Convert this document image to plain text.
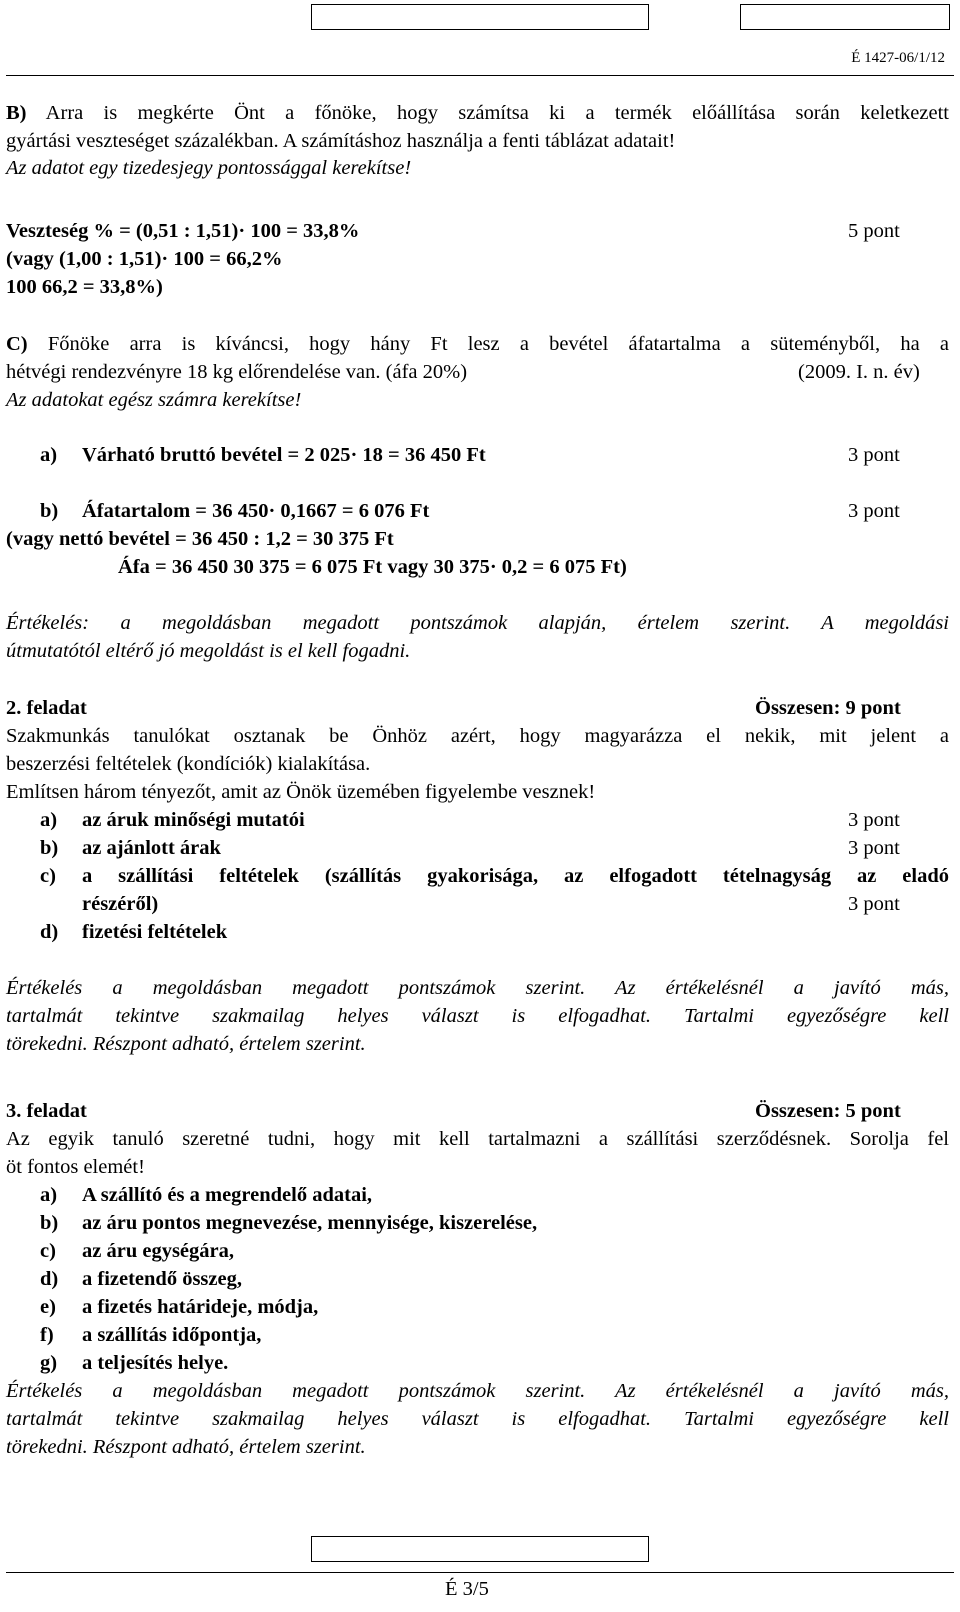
É 1427-06/1/12
B) Arra is megkérte Önt a főnöke, hogy számítsa ki a termék előállítása során keletkezett
gyártási veszteséget százalékban. A számításhoz használja a fenti táblázat adatait!
Az adatot egy tizedesjegy pontossággal kerekítse!
Veszteség % = (0,51 : 1,51)· 100 = 33,8%	5 pont
(vagy (1,00 : 1,51)· 100 = 66,2%
100 66,2 = 33,8%)
C) Főnöke arra is kíváncsi, hogy hány Ft lesz a bevétel áfatartalma a süteményből, ha a
hétvégi rendezvényre 18 kg előrendelése van. (áfa 20%)	(2009. I. n. év)
Az adatokat egész számra kerekítse!
a) Várható bruttó bevétel = 2 025· 18 = 36 450 Ft	3 pont
b) Áfatartalom = 36 450· 0,1667 = 6 076 Ft	3 pont
(vagy nettó bevétel = 36 450 : 1,2 = 30 375 Ft
Áfa = 36 450 30 375 = 6 075 Ft vagy 30 375· 0,2 = 6 075 Ft)
Értékelés: a megoldásban megadott pontszámok alapján, értelem szerint. A megoldási
útmutatótól eltérő jó megoldást is el kell fogadni.
2. feladat	Összesen: 9 pont
Szakmunkás tanulókat osztanak be Önhöz azért, hogy magyarázza el nekik, mit jelent a
beszerzési feltételek (kondíciók) kialakítása.
Említsen három tényezőt, amit az Önök üzemében figyelembe vesznek!
a) az áruk minőségi mutatói	3 pont
b) az ajánlott árak	3 pont
c) a szállítási feltételek (szállítás gyakorisága, az elfogadott tételnagyság az eladó
részéről)	3 pont
d) fizetési feltételek
Értékelés a megoldásban megadott pontszámok szerint. Az értékelésnél a javító más,
tartalmát tekintve szakmailag helyes választ is elfogadhat. Tartalmi egyezőségre kell
törekedni. Részpont adható, értelem szerint.
3. feladat	Összesen: 5 pont
Az egyik tanuló szeretné tudni, hogy mit kell tartalmazni a szállítási szerződésnek. Sorolja fel
öt fontos elemét!
a) A szállító és a megrendelő adatai,
b) az áru pontos megnevezése, mennyisége, kiszerelése,
c) az áru egységára,
d) a fizetendő összeg,
e) a fizetés határideje, módja,
f) a szállítás időpontja,
g) a teljesítés helye.
Értékelés a megoldásban megadott pontszámok szerint. Az értékelésnél a javító más,
tartalmát tekintve szakmailag helyes választ is elfogadhat. Tartalmi egyezőségre kell
törekedni. Részpont adható, értelem szerint.
É 3/5
